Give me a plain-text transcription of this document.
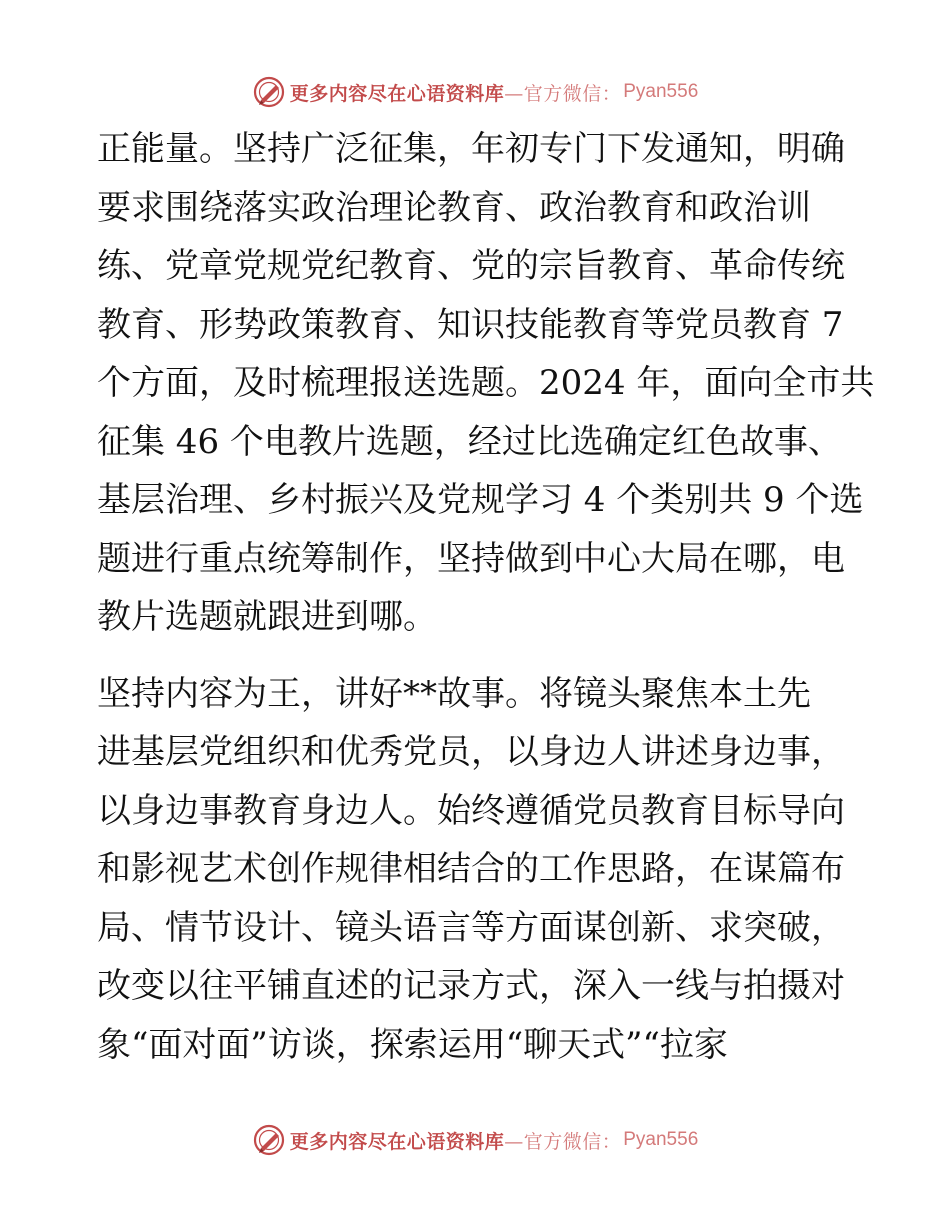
更多内容尽在心语资料库 —官方微信： Pyan556
正能量。坚持广泛征集，年初专门下发通知，明确
要求围绕落实政治理论教育、政治教育和政治训
练、党章党规党纪教育、党的宗旨教育、革命传统
教育、形势政策教育、知识技能教育等党员教育 7
个方面，及时梳理报送选题。2024 年，面向全市共
征集 46 个电教片选题，经过比选确定红色故事、
基层治理、乡村振兴及党规学习 4 个类别共 9 个选
题进行重点统筹制作，坚持做到中心大局在哪，电
教片选题就跟进到哪。
坚持内容为王，讲好**故事。将镜头聚焦本土先
进基层党组织和优秀党员，以身边人讲述身边事，
以身边事教育身边人。始终遵循党员教育目标导向
和影视艺术创作规律相结合的工作思路，在谋篇布
局、情节设计、镜头语言等方面谋创新、求突破，
改变以往平铺直述的记录方式，深入一线与拍摄对
象“面对面”访谈，探索运用“聊天式”“拉家
更多内容尽在心语资料库 —官方微信： Pyan556
